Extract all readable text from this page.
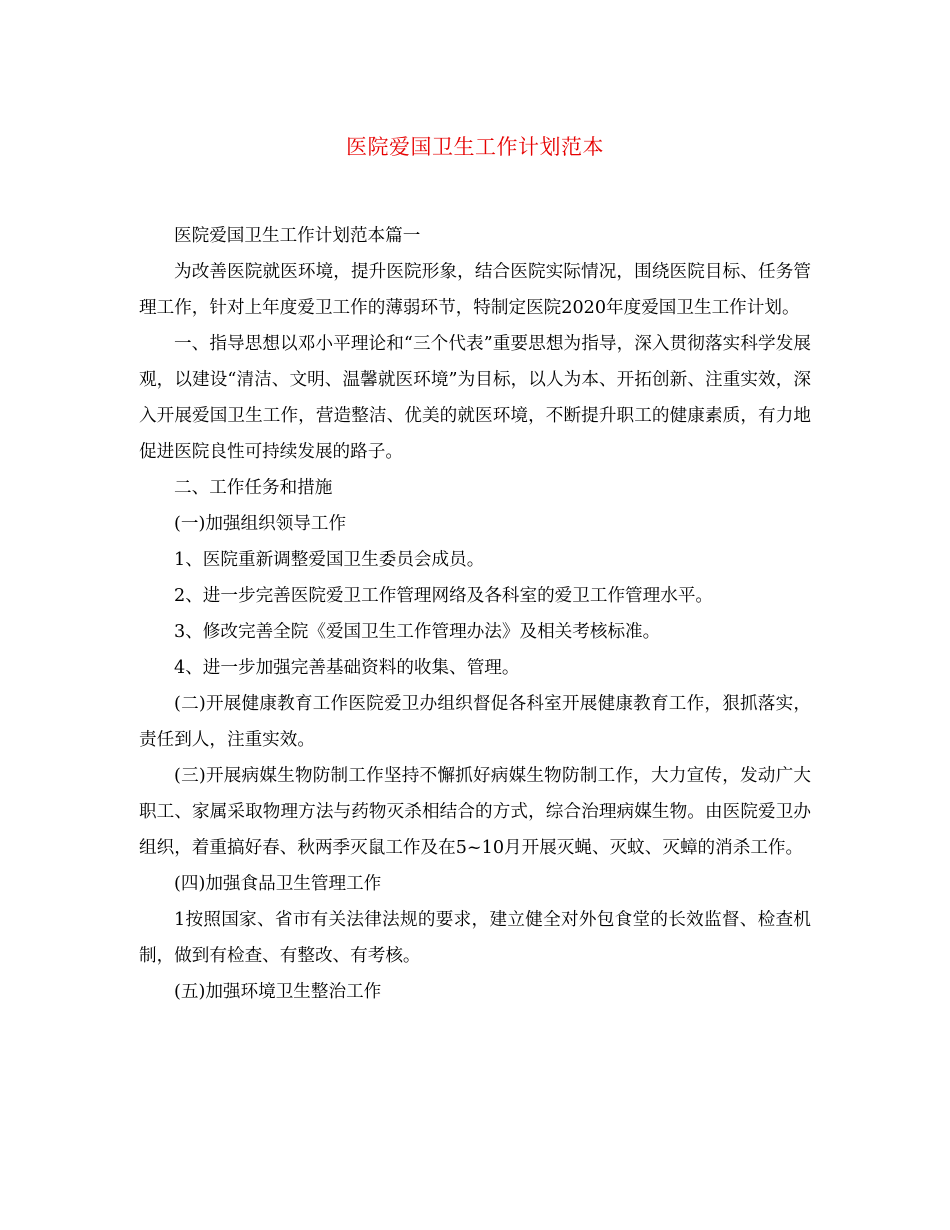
医院爱国卫生工作计划范本

医院爱国卫生工作计划范本篇一

为改善医院就医环境，提升医院形象，结合医院实际情况，围绕医院目标、任务管理工作，针对上年度爱卫工作的薄弱环节，特制定医院2020年度爱国卫生工作计划。

一、指导思想以邓小平理论和“三个代表”重要思想为指导，深入贯彻落实科学发展观，以建设“清洁、文明、温馨就医环境”为目标，以人为本、开拓创新、注重实效，深入开展爱国卫生工作，营造整洁、优美的就医环境，不断提升职工的健康素质，有力地促进医院良性可持续发展的路子。

二、工作任务和措施

(一)加强组织领导工作

1、医院重新调整爱国卫生委员会成员。

2、进一步完善医院爱卫工作管理网络及各科室的爱卫工作管理水平。

3、修改完善全院《爱国卫生工作管理办法》及相关考核标准。

4、进一步加强完善基础资料的收集、管理。

(二)开展健康教育工作医院爱卫办组织督促各科室开展健康教育工作，狠抓落实，责任到人，注重实效。

(三)开展病媒生物防制工作坚持不懈抓好病媒生物防制工作，大力宣传，发动广大职工、家属采取物理方法与药物灭杀相结合的方式，综合治理病媒生物。由医院爱卫办组织，着重搞好春、秋两季灭鼠工作及在5~10月开展灭蝇、灭蚊、灭蟑的消杀工作。

(四)加强食品卫生管理工作

1按照国家、省市有关法律法规的要求，建立健全对外包食堂的长效监督、检查机制，做到有检查、有整改、有考核。

(五)加强环境卫生整治工作
